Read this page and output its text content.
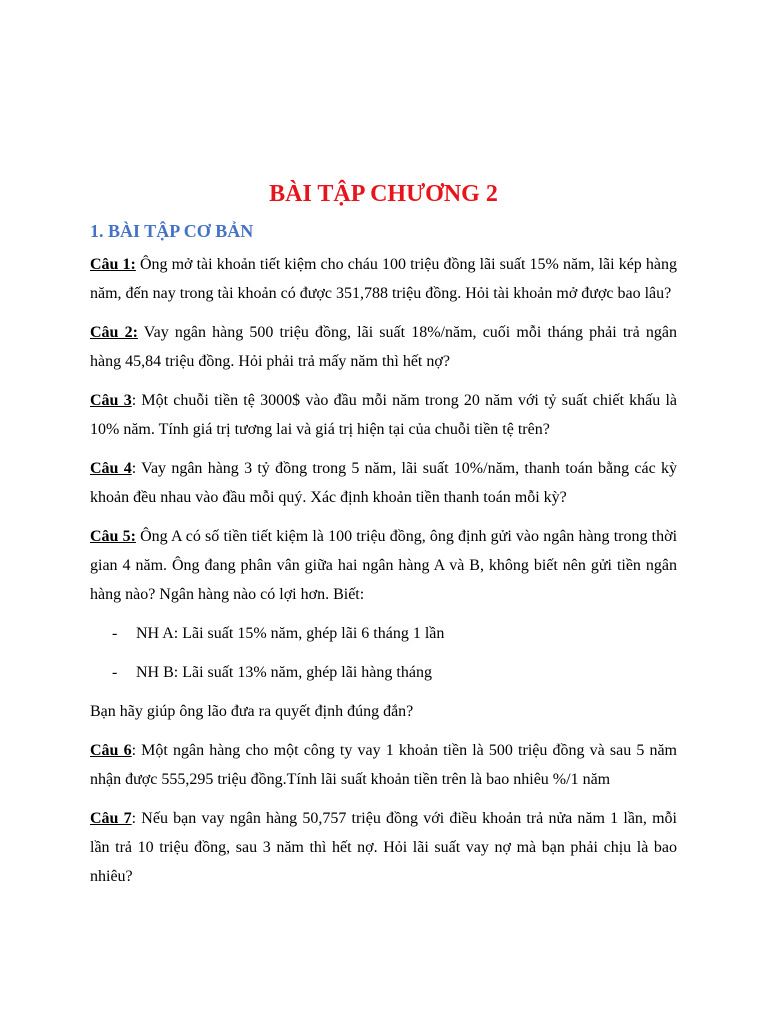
BÀI TẬP CHƯƠNG 2
1. BÀI TẬP CƠ BẢN

Câu 1: Ông mở tài khoản tiết kiệm cho cháu 100 triệu đồng lãi suất 15% năm, lãi kép hàng năm, đến nay trong tài khoản có được 351,788 triệu đồng. Hỏi tài khoản mở được bao lâu?

Câu 2: Vay ngân hàng 500 triệu đồng, lãi suất 18%/năm, cuối mỗi tháng phải trả ngân hàng 45,84 triệu đồng. Hỏi phải trả mấy năm thì hết nợ?

Câu 3: Một chuỗi tiền tệ 3000$ vào đầu mỗi năm trong 20 năm với tỷ suất chiết khấu là 10% năm. Tính giá trị tương lai và giá trị hiện tại của chuỗi tiền tệ trên?

Câu 4: Vay ngân hàng 3 tỷ đồng trong 5 năm, lãi suất 10%/năm, thanh toán bằng các kỳ khoản đều nhau vào đầu mỗi quý. Xác định khoản tiền thanh toán mỗi kỳ?

Câu 5: Ông A có số tiền tiết kiệm là 100 triệu đồng, ông định gửi vào ngân hàng trong thời gian 4 năm. Ông đang phân vân giữa hai ngân hàng A và B, không biết nên gửi tiền ngân hàng nào? Ngân hàng nào có lợi hơn. Biết:

- NH A: Lãi suất 15% năm, ghép lãi 6 tháng 1 lần
- NH B: Lãi suất 13% năm, ghép lãi hàng tháng

Bạn hãy giúp ông lão đưa ra quyết định đúng đắn?

Câu 6: Một ngân hàng cho một công ty vay 1 khoản tiền là 500 triệu đồng và sau 5 năm nhận được 555,295 triệu đồng.Tính lãi suất khoản tiền trên là bao nhiêu %/1 năm

Câu 7: Nếu bạn vay ngân hàng 50,757 triệu đồng với điều khoản trả nửa năm 1 lần, mỗi lần trả 10 triệu đồng, sau 3 năm thì hết nợ. Hỏi lãi suất vay nợ mà bạn phải chịu là bao nhiêu?
